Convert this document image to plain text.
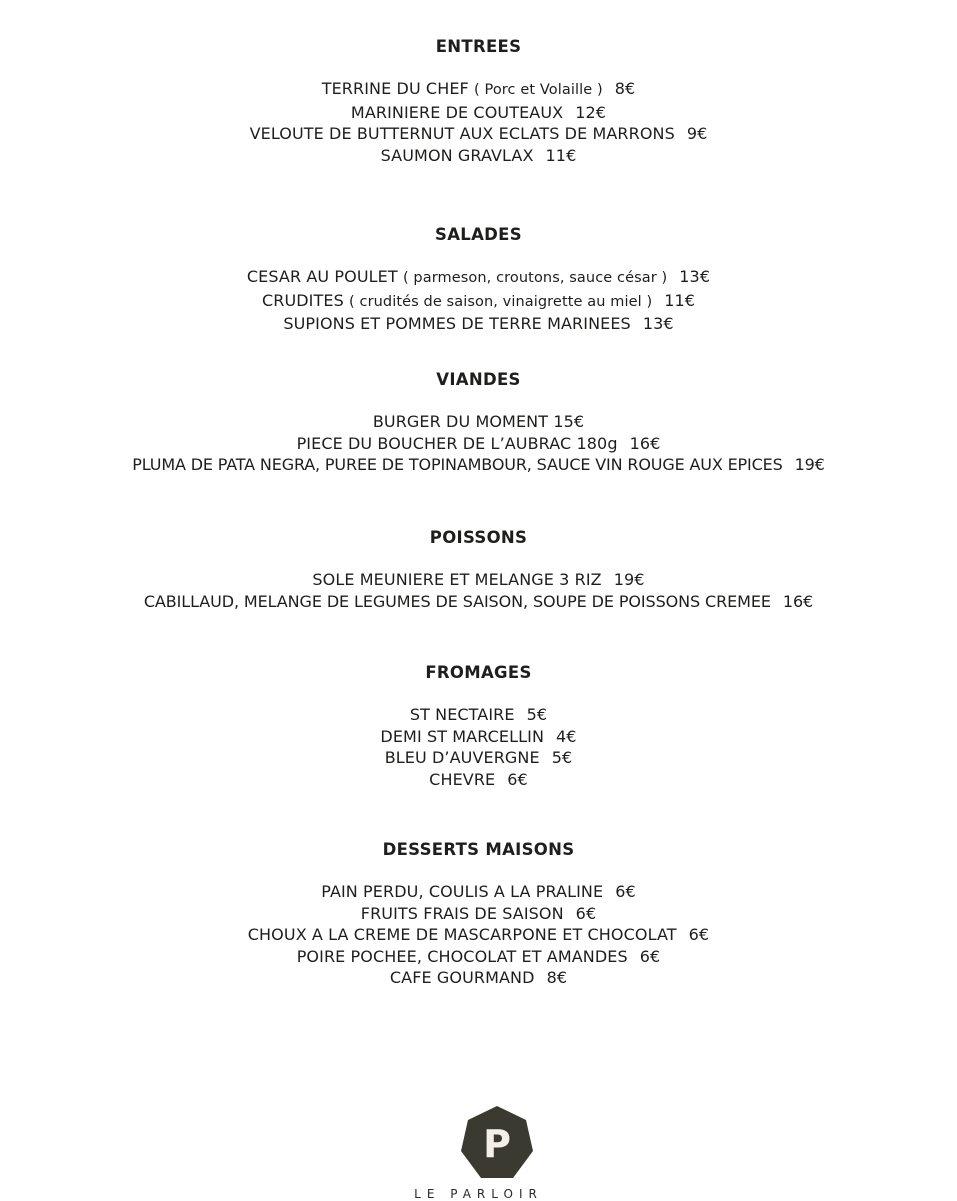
ENTREES
TERRINE DU CHEF ( Porc et Volaille ) 8€
MARINIERE DE COUTEAUX 12€
VELOUTE DE BUTTERNUT AUX ECLATS DE MARRONS 9€
SAUMON GRAVLAX 11€
SALADES
CESAR AU POULET ( parmeson, croutons, sauce césar ) 13€
CRUDITES ( crudités de saison, vinaigrette au miel ) 11€
SUPIONS ET POMMES DE TERRE MARINEES 13€
VIANDES
BURGER DU MOMENT 15€
PIECE DU BOUCHER DE L’AUBRAC 180g 16€
PLUMA DE PATA NEGRA, PUREE DE TOPINAMBOUR, SAUCE VIN ROUGE AUX EPICES 19€
POISSONS
SOLE MEUNIERE ET MELANGE 3 RIZ 19€
CABILLAUD, MELANGE DE LEGUMES DE SAISON, SOUPE DE POISSONS CREMEE 16€
FROMAGES
ST NECTAIRE 5€
DEMI ST MARCELLIN 4€
BLEU D’AUVERGNE 5€
CHEVRE 6€
DESSERTS MAISONS
PAIN PERDU, COULIS A LA PRALINE 6€
FRUITS FRAIS DE SAISON 6€
CHOUX A LA CREME DE MASCARPONE ET CHOCOLAT 6€
POIRE POCHEE, CHOCOLAT ET AMANDES 6€
CAFE GOURMAND 8€
P
LE PARLOIR
